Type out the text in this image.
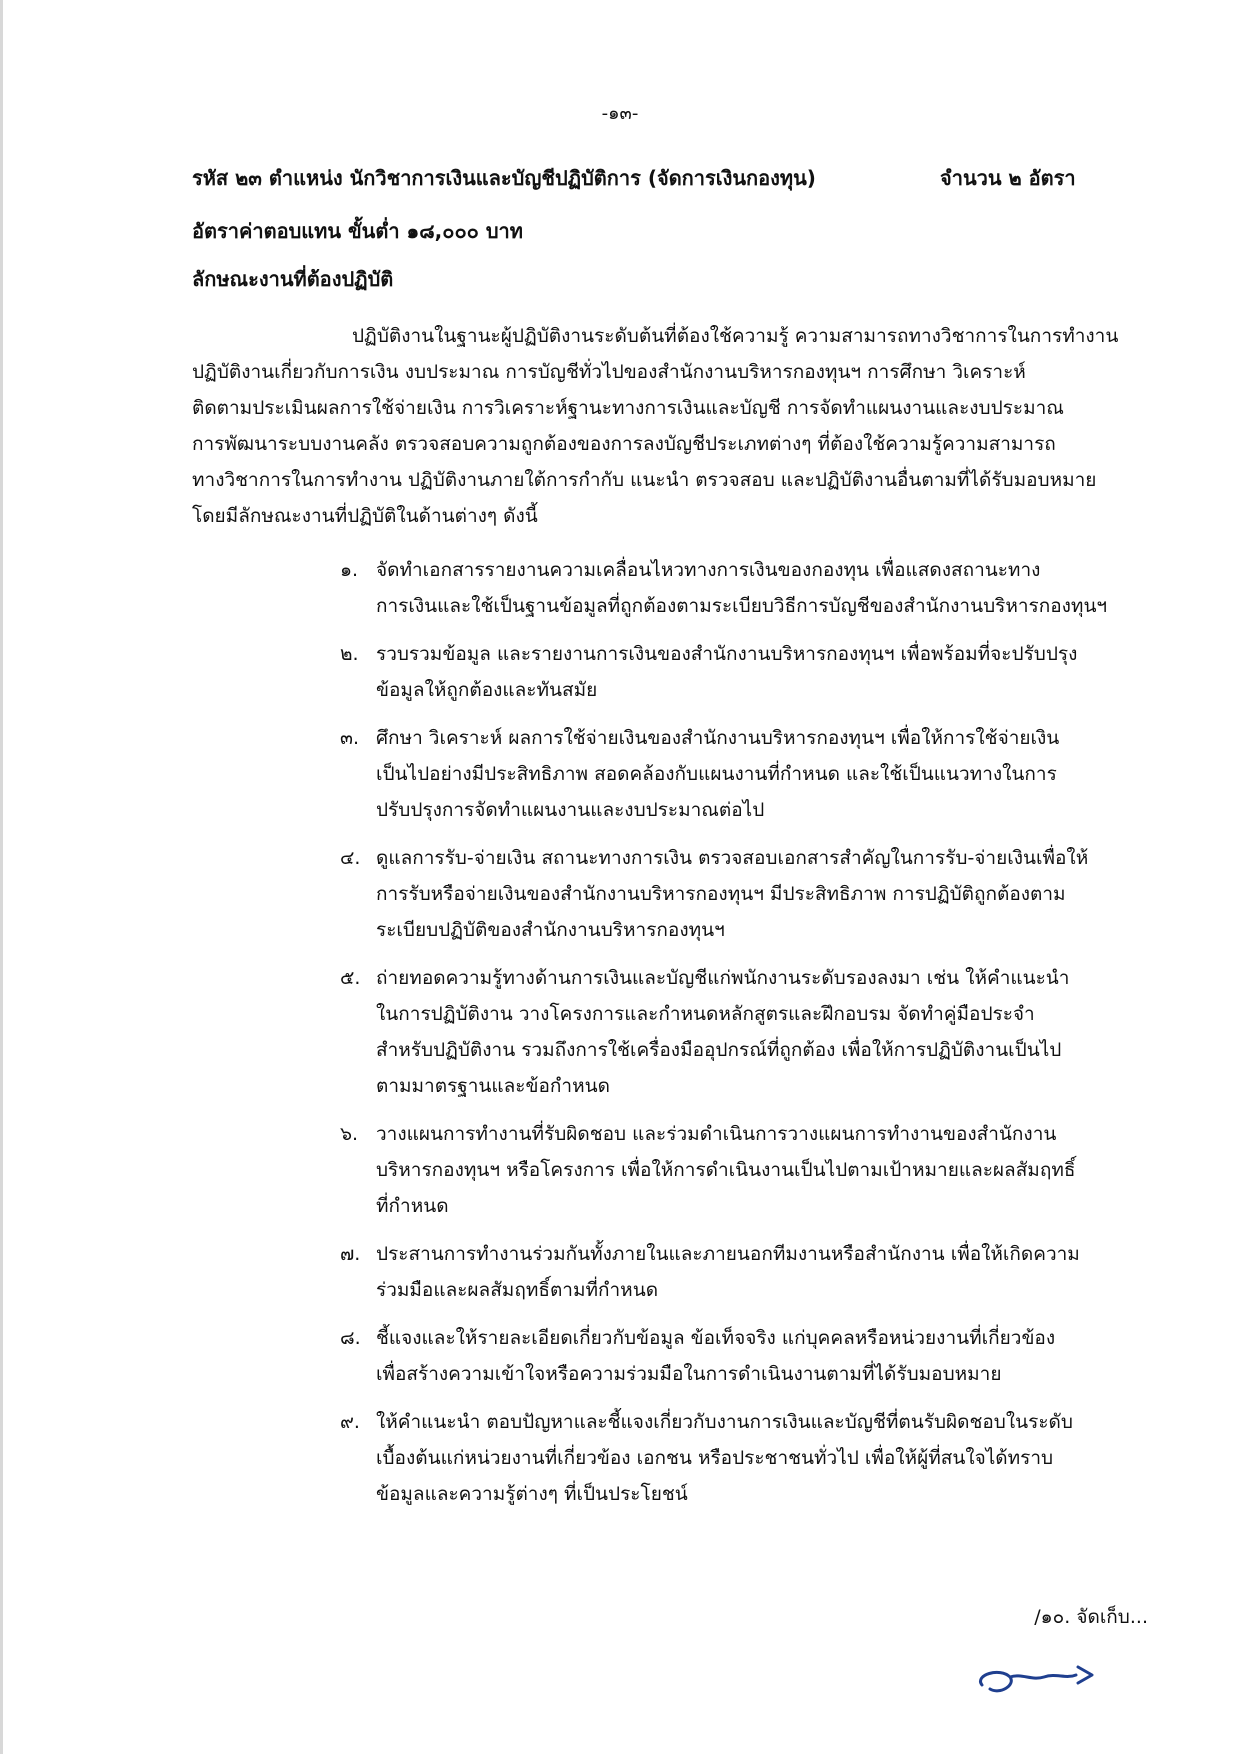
-๑๓-
รหัส ๒๓ ตำแหน่ง นักวิชาการเงินและบัญชีปฏิบัติการ (จัดการเงินกองทุน)	จำนวน ๒ อัตรา
อัตราค่าตอบแทน ขั้นต่ำ ๑๘,๐๐๐ บาท
ลักษณะงานที่ต้องปฏิบัติ
ปฏิบัติงานในฐานะผู้ปฏิบัติงานระดับต้นที่ต้องใช้ความรู้ ความสามารถทางวิชาการในการทำงาน
ปฏิบัติงานเกี่ยวกับการเงิน งบประมาณ การบัญชีทั่วไปของสำนักงานบริหารกองทุนฯ การศึกษา วิเคราะห์
ติดตามประเมินผลการใช้จ่ายเงิน การวิเคราะห์ฐานะทางการเงินและบัญชี การจัดทำแผนงานและงบประมาณ
การพัฒนาระบบงานคลัง ตรวจสอบความถูกต้องของการลงบัญชีประเภทต่างๆ ที่ต้องใช้ความรู้ความสามารถ
ทางวิชาการในการทำงาน ปฏิบัติงานภายใต้การกำกับ แนะนำ ตรวจสอบ และปฏิบัติงานอื่นตามที่ได้รับมอบหมาย
โดยมีลักษณะงานที่ปฏิบัติในด้านต่างๆ ดังนี้
๑. จัดทำเอกสารรายงานความเคลื่อนไหวทางการเงินของกองทุน เพื่อแสดงสถานะทาง
การเงินและใช้เป็นฐานข้อมูลที่ถูกต้องตามระเบียบวิธีการบัญชีของสำนักงานบริหารกองทุนฯ
๒. รวบรวมข้อมูล และรายงานการเงินของสำนักงานบริหารกองทุนฯ เพื่อพร้อมที่จะปรับปรุง
ข้อมูลให้ถูกต้องและทันสมัย
๓. ศึกษา วิเคราะห์ ผลการใช้จ่ายเงินของสำนักงานบริหารกองทุนฯ เพื่อให้การใช้จ่ายเงิน
เป็นไปอย่างมีประสิทธิภาพ สอดคล้องกับแผนงานที่กำหนด และใช้เป็นแนวทางในการ
ปรับปรุงการจัดทำแผนงานและงบประมาณต่อไป
๔. ดูแลการรับ-จ่ายเงิน สถานะทางการเงิน ตรวจสอบเอกสารสำคัญในการรับ-จ่ายเงินเพื่อให้
การรับหรือจ่ายเงินของสำนักงานบริหารกองทุนฯ มีประสิทธิภาพ การปฏิบัติถูกต้องตาม
ระเบียบปฏิบัติของสำนักงานบริหารกองทุนฯ
๕. ถ่ายทอดความรู้ทางด้านการเงินและบัญชีแก่พนักงานระดับรองลงมา เช่น ให้คำแนะนำ
ในการปฏิบัติงาน วางโครงการและกำหนดหลักสูตรและฝึกอบรม จัดทำคู่มือประจำ
สำหรับปฏิบัติงาน รวมถึงการใช้เครื่องมืออุปกรณ์ที่ถูกต้อง เพื่อให้การปฏิบัติงานเป็นไป
ตามมาตรฐานและข้อกำหนด
๖. วางแผนการทำงานที่รับผิดชอบ และร่วมดำเนินการวางแผนการทำงานของสำนักงาน
บริหารกองทุนฯ หรือโครงการ เพื่อให้การดำเนินงานเป็นไปตามเป้าหมายและผลสัมฤทธิ์
ที่กำหนด
๗. ประสานการทำงานร่วมกันทั้งภายในและภายนอกทีมงานหรือสำนักงาน เพื่อให้เกิดความ
ร่วมมือและผลสัมฤทธิ์ตามที่กำหนด
๘. ชี้แจงและให้รายละเอียดเกี่ยวกับข้อมูล ข้อเท็จจริง แก่บุคคลหรือหน่วยงานที่เกี่ยวข้อง
เพื่อสร้างความเข้าใจหรือความร่วมมือในการดำเนินงานตามที่ได้รับมอบหมาย
๙. ให้คำแนะนำ ตอบปัญหาและชี้แจงเกี่ยวกับงานการเงินและบัญชีที่ตนรับผิดชอบในระดับ
เบื้องต้นแก่หน่วยงานที่เกี่ยวข้อง เอกชน หรือประชาชนทั่วไป เพื่อให้ผู้ที่สนใจได้ทราบ
ข้อมูลและความรู้ต่างๆ ที่เป็นประโยชน์
/๑๐. จัดเก็บ...
